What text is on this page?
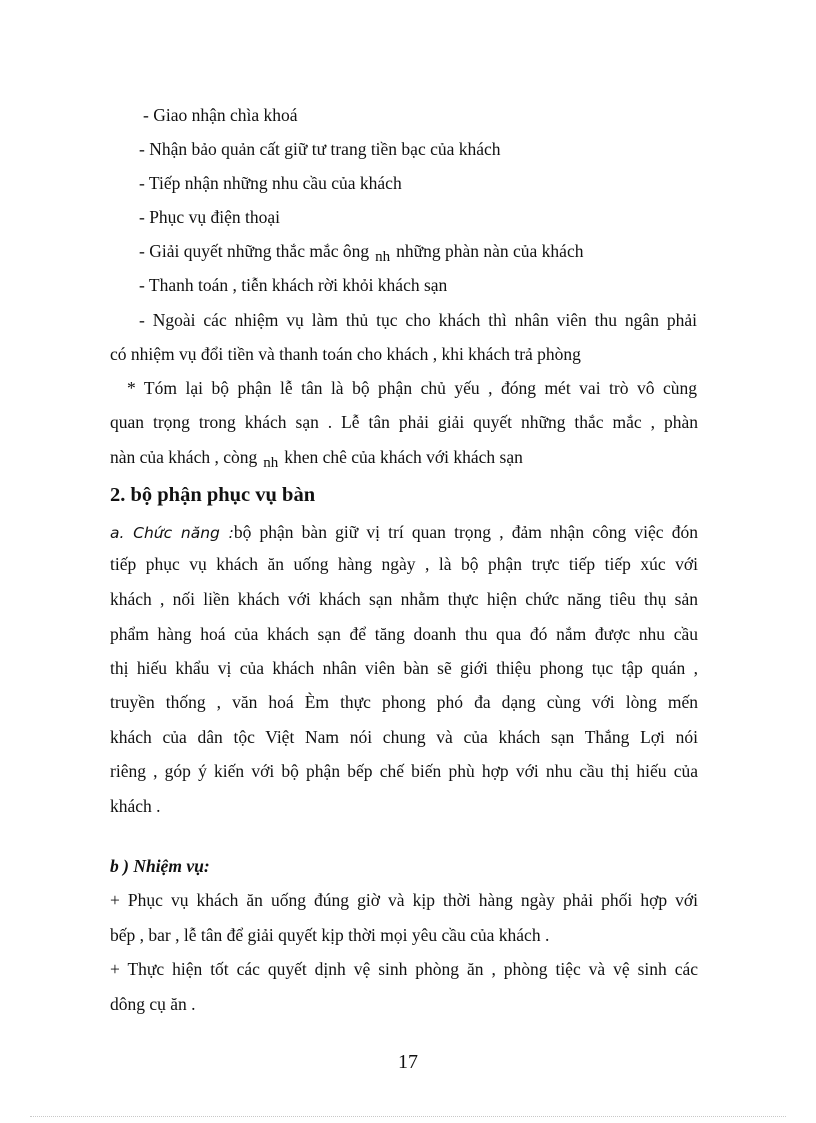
- Giao nhận chìa khoá
- Nhận bảo quản cất giữ tư trang tiền bạc của khách
- Tiếp nhận những nhu cầu của khách
- Phục vụ điện thoại
- Giải quyết những thắc mắc ông nh những phàn nàn của khách
- Thanh toán , tiễn khách rời khỏi khách sạn
- Ngoài các nhiệm vụ làm thủ tục cho khách thì nhân viên thu ngân phải
có nhiệm vụ đổi tiền và thanh toán cho khách , khi khách trả phòng
* Tóm lại bộ phận lễ tân là bộ phận chủ yếu , đóng mét vai trò vô cùng
quan trọng trong khách sạn . Lễ tân phải giải quyết những thắc mắc , phàn
nàn của khách , còng nh khen chê của khách với khách sạn
2. bộ phận phục vụ bàn
a. Chức năng :bộ phận bàn giữ vị trí quan trọng , đảm nhận công việc đón
tiếp phục vụ khách ăn uống hàng ngày , là bộ phận trực tiếp tiếp xúc với
khách , nối liền khách với khách sạn nhằm thực hiện chức năng tiêu thụ sản
phẩm hàng hoá của khách sạn để tăng doanh thu qua đó nắm được nhu cầu
thị hiếu khẩu vị của khách nhân viên bàn sẽ giới thiệu phong tục tập quán ,
truyền thống , văn hoá Èm thực phong phó đa dạng cùng với lòng mến
khách của dân tộc Việt Nam nói chung và của khách sạn Thắng Lợi nói
riêng , góp ý kiến với bộ phận bếp chế biến phù hợp với nhu cầu thị hiếu của
khách .
b ) Nhiệm vụ:
+ Phục vụ khách ăn uống đúng giờ và kịp thời hàng ngày phải phối hợp với
bếp , bar , lễ tân để giải quyết kịp thời mọi yêu cầu của khách .
+ Thực hiện tốt các quyết dịnh vệ sinh phòng ăn , phòng tiệc và vệ sinh các
dông cụ ăn .
17
